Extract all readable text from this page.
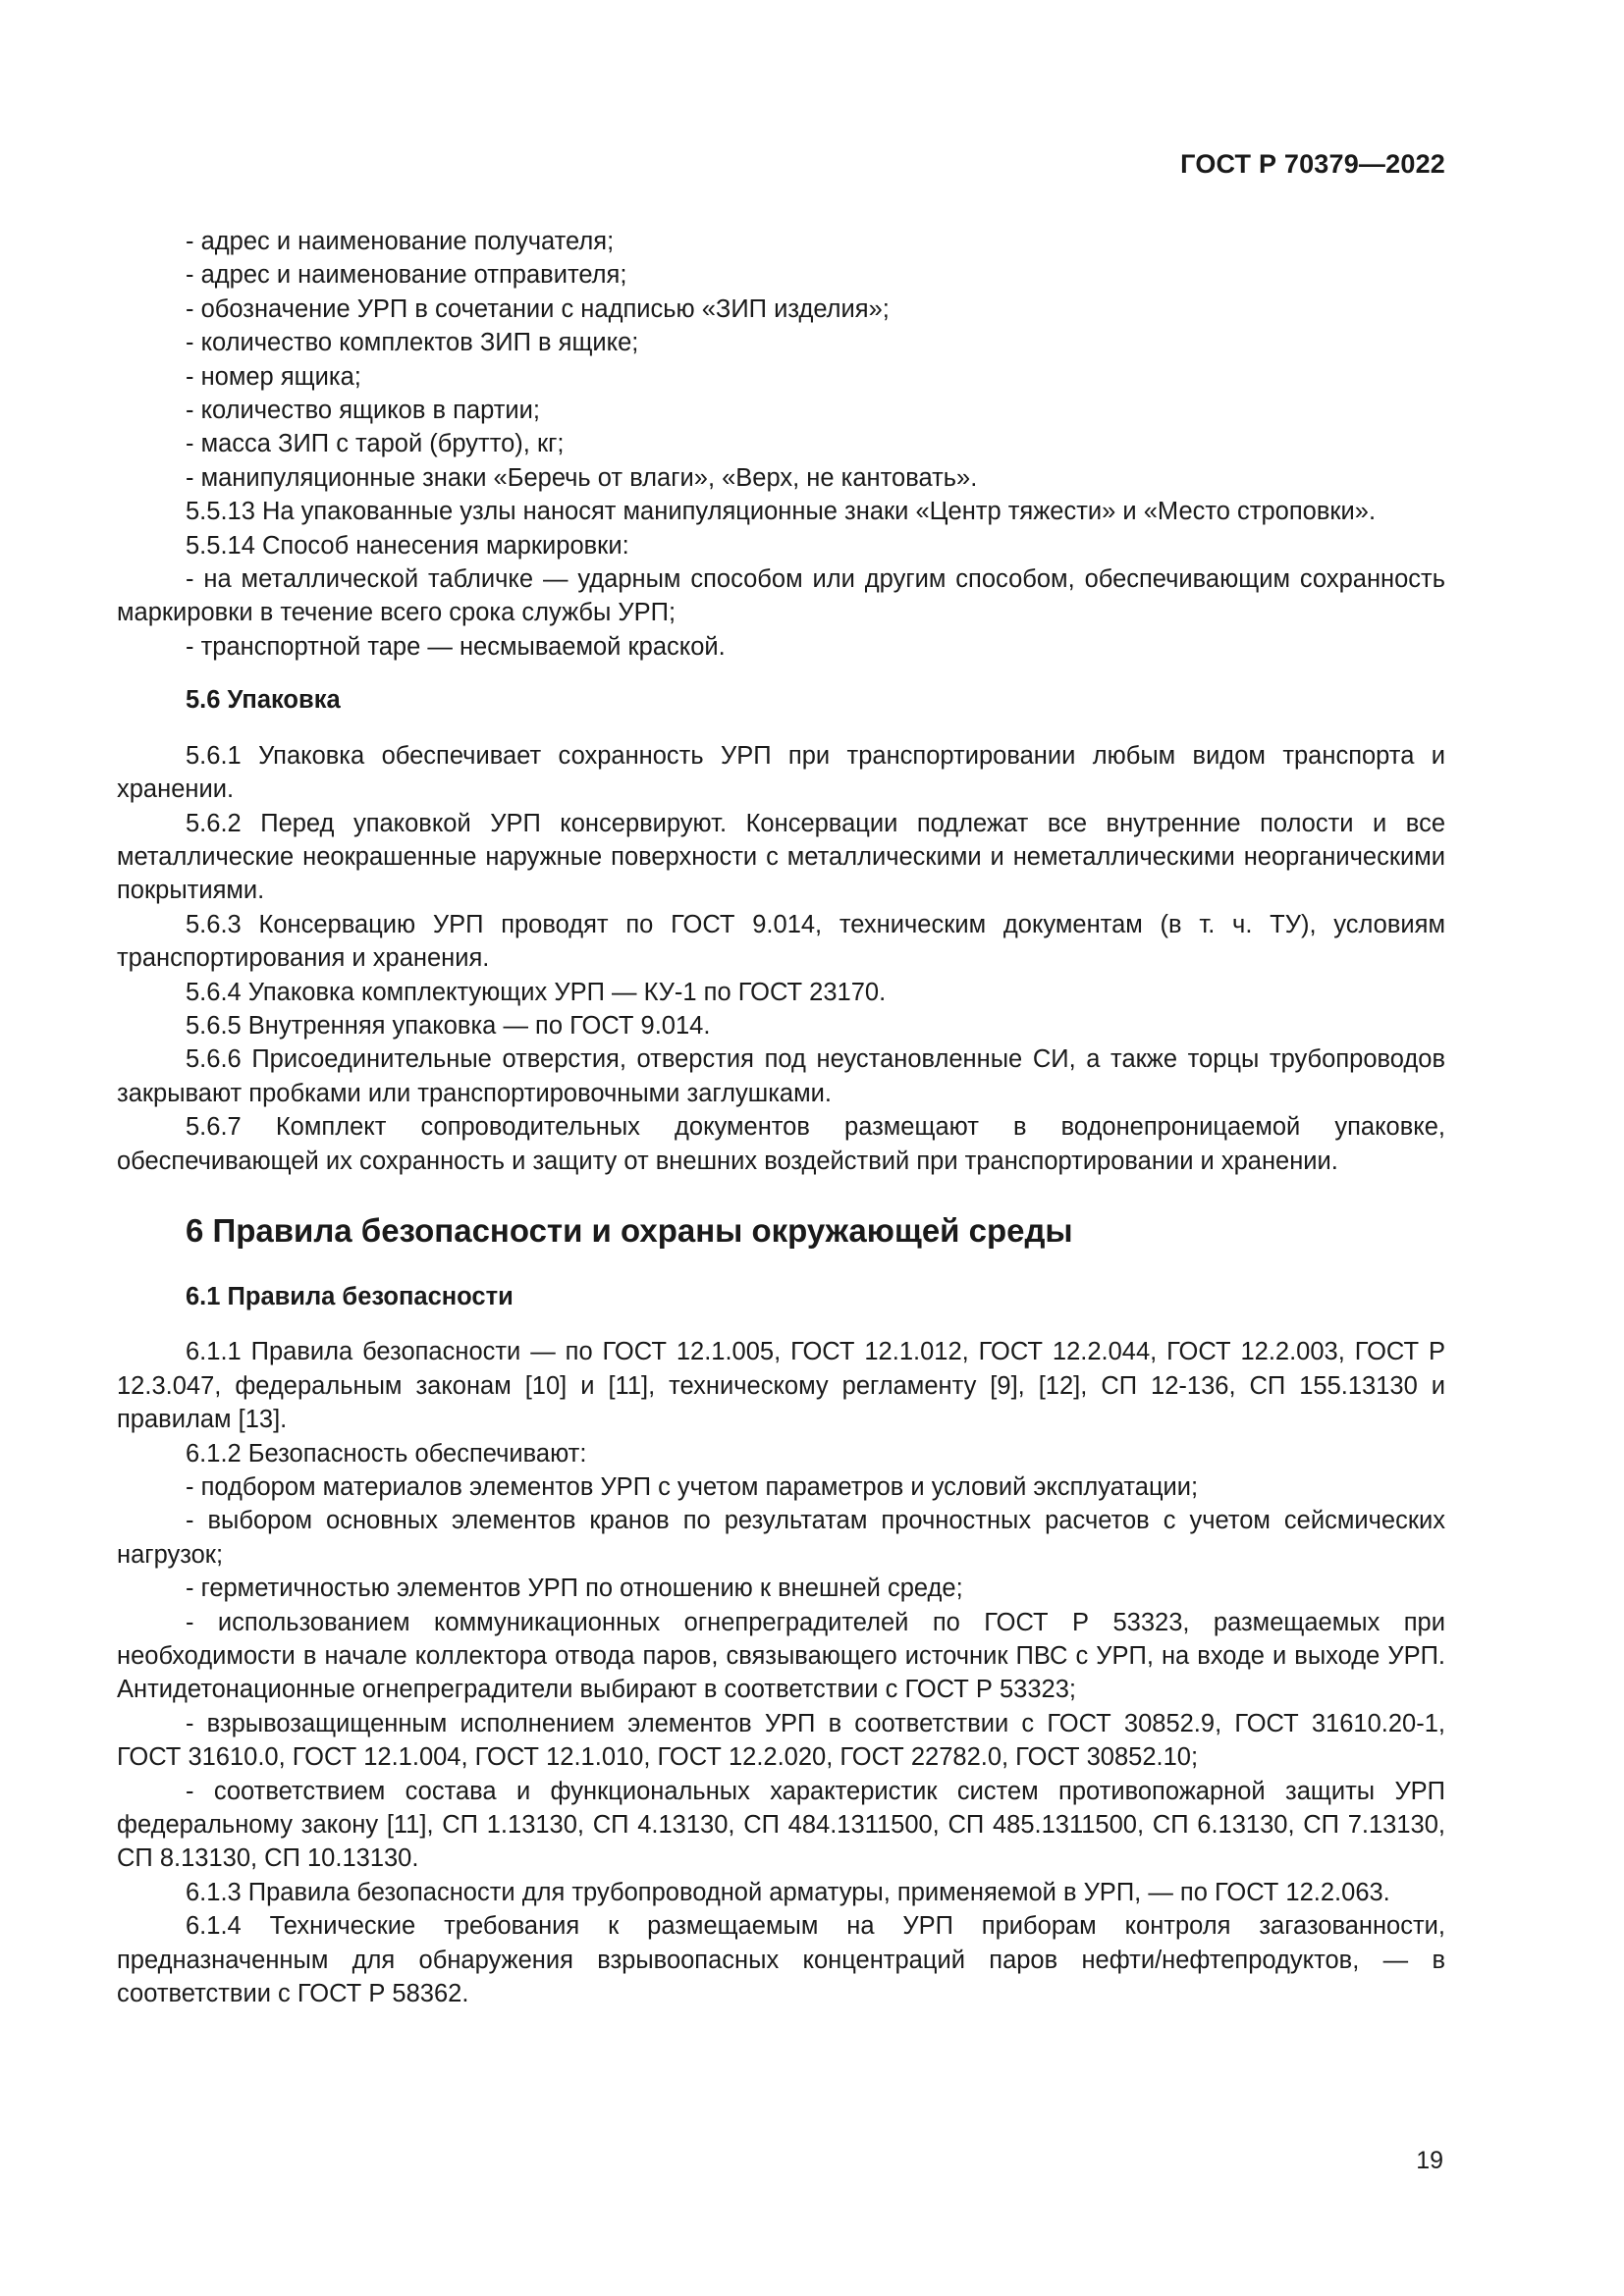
ГОСТ Р 70379—2022

- адрес и наименование получателя;

- адрес и наименование отправителя;

- обозначение УРП в сочетании с надписью «ЗИП изделия»;

- количество комплектов ЗИП в ящике;

- номер ящика;

- количество ящиков в партии;

- масса ЗИП с тарой (брутто), кг;

- манипуляционные знаки «Беречь от влаги», «Верх, не кантовать».

5.5.13 На упакованные узлы наносят манипуляционные знаки «Центр тяжести» и «Место строповки».

5.5.14 Способ нанесения маркировки:

- на металлической табличке — ударным способом или другим способом, обеспечивающим сохранность маркировки в течение всего срока службы УРП;

- транспортной таре — несмываемой краской.

5.6 Упаковка

5.6.1 Упаковка обеспечивает сохранность УРП при транспортировании любым видом транспорта и хранении.

5.6.2 Перед упаковкой УРП консервируют. Консервации подлежат все внутренние полости и все металлические неокрашенные наружные поверхности с металлическими и неметаллическими неорганическими покрытиями.

5.6.3 Консервацию УРП проводят по ГОСТ 9.014, техническим документам (в т. ч. ТУ), условиям транспортирования и хранения.

5.6.4 Упаковка комплектующих УРП — КУ-1 по ГОСТ 23170.

5.6.5 Внутренняя упаковка — по ГОСТ 9.014.

5.6.6 Присоединительные отверстия, отверстия под неустановленные СИ, а также торцы трубопроводов закрывают пробками или транспортировочными заглушками.

5.6.7 Комплект сопроводительных документов размещают в водонепроницаемой упаковке, обеспечивающей их сохранность и защиту от внешних воздействий при транспортировании и хранении.

6 Правила безопасности и охраны окружающей среды
6.1 Правила безопасности

6.1.1 Правила безопасности — по ГОСТ 12.1.005, ГОСТ 12.1.012, ГОСТ 12.2.044, ГОСТ 12.2.003, ГОСТ Р 12.3.047, федеральным законам [10] и [11], техническому регламенту [9], [12], СП 12-136, СП 155.13130 и правилам [13].

6.1.2 Безопасность обеспечивают:

- подбором материалов элементов УРП с учетом параметров и условий эксплуатации;

- выбором основных элементов кранов по результатам прочностных расчетов с учетом сейсмических нагрузок;

- герметичностью элементов УРП по отношению к внешней среде;

- использованием коммуникационных огнепреградителей по ГОСТ Р 53323, размещаемых при необходимости в начале коллектора отвода паров, связывающего источник ПВС с УРП, на входе и выходе УРП. Антидетонационные огнепреградители выбирают в соответствии с ГОСТ Р 53323;

- взрывозащищенным исполнением элементов УРП в соответствии с ГОСТ 30852.9, ГОСТ 31610.20-1, ГОСТ 31610.0, ГОСТ 12.1.004, ГОСТ 12.1.010, ГОСТ 12.2.020, ГОСТ 22782.0, ГОСТ 30852.10;

- соответствием состава и функциональных характеристик систем противопожарной защиты УРП федеральному закону [11], СП 1.13130, СП 4.13130, СП 484.1311500, СП 485.1311500, СП 6.13130, СП 7.13130, СП 8.13130, СП 10.13130.

6.1.3 Правила безопасности для трубопроводной арматуры, применяемой в УРП, — по ГОСТ 12.2.063.

6.1.4 Технические требования к размещаемым на УРП приборам контроля загазованности, предназначенным для обнаружения взрывоопасных концентраций паров нефти/нефтепродуктов, — в соответствии с ГОСТ Р 58362.

19
